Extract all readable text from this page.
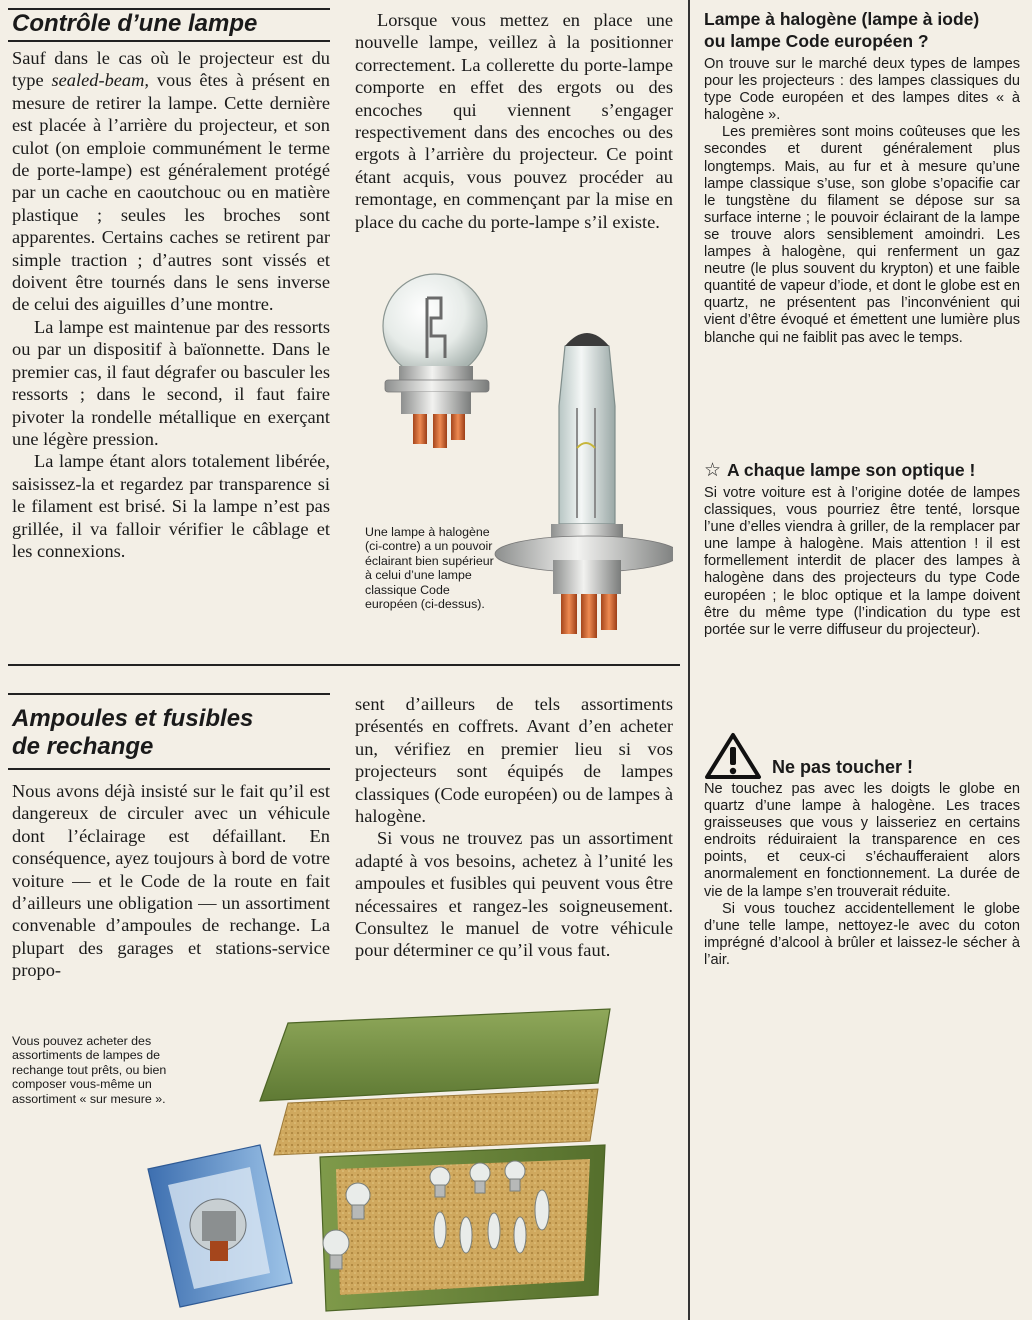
Contrôle d’une lampe

Sauf dans le cas où le projecteur est du type sealed-beam, vous êtes à présent en mesure de retirer la lampe. Cette dernière est placée à l’arrière du projecteur, et son culot (on emploie communément le terme de porte-lampe) est généralement protégé par un cache en caoutchouc ou en matière plastique ; seules les broches sont apparentes. Certains caches se retirent par simple traction ; d’autres sont vissés et doivent être tournés dans le sens inverse de celui des aiguilles d’une montre.

La lampe est maintenue par des ressorts ou par un dispositif à baïonnette. Dans le premier cas, il faut dégrafer ou basculer les ressorts ; dans le second, il faut faire pivoter la rondelle métallique en exerçant une légère pression.

La lampe étant alors totalement libérée, saisissez-la et regardez par transparence si le filament est brisé. Si la lampe n’est pas grillée, il va falloir vérifier le câblage et les connexions.

Lorsque vous mettez en place une nouvelle lampe, veillez à la positionner correctement. La collerette du porte-lampe comporte en effet des ergots ou des encoches qui viennent s’engager respectivement dans des encoches ou des ergots à l’arrière du projecteur. Ce point étant acquis, vous pouvez procéder au remontage, en commençant par la mise en place du cache du porte-lampe s’il existe.

Une lampe à halogène (ci-contre) a un pouvoir éclairant bien supérieur à celui d’une lampe classique Code européen (ci-dessus).
Ampoules et fusibles
de rechange

Nous avons déjà insisté sur le fait qu’il est dangereux de circuler avec un véhicule dont l’éclairage est défaillant. En conséquence, ayez toujours à bord de votre voiture — et le Code de la route en fait d’ailleurs une obligation — un assortiment convenable d’ampoules de rechange. La plupart des garages et stations-service propo-

sent d’ailleurs de tels assortiments présentés en coffrets. Avant d’en acheter un, vérifiez en premier lieu si vos projecteurs sont équipés de lampes classiques (Code européen) ou de lampes à halogène.

Si vous ne trouvez pas un assortiment adapté à vos besoins, achetez à l’unité les ampoules et fusibles qui peuvent vous être nécessaires et rangez-les soigneusement. Consultez le manuel de votre véhicule pour déterminer ce qu’il vous faut.

Vous pouvez acheter des assortiments de lampes de rechange tout prêts, ou bien composer vous-même un assortiment « sur mesure ».
Lampe à halogène (lampe à iode)
ou lampe Code européen ?

On trouve sur le marché deux types de lampes pour les projecteurs : des lampes classiques du type Code européen et des lampes dites « à halogène ».

Les premières sont moins coûteuses que les secondes et durent généralement plus longtemps. Mais, au fur et à mesure qu’une lampe classique s’use, son globe s’opacifie car le tungstène du filament se dépose sur sa surface interne ; le pouvoir éclairant de la lampe se trouve alors sensiblement amoindri. Les lampes à halogène, qui renferment un gaz neutre (le plus souvent du krypton) et une faible quantité de vapeur d’iode, et dont le globe est en quartz, ne présentent pas l’inconvénient qui vient d’être évoqué et émettent une lumière plus blanche qui ne faiblit pas avec le temps.

☆ A chaque lampe son optique !

Si votre voiture est à l’origine dotée de lampes classiques, vous pourriez être tenté, lorsque l’une d’elles viendra à griller, de la remplacer par une lampe à halogène. Mais attention ! il est formellement interdit de placer des lampes à halogène dans des projecteurs du type Code européen ; le bloc optique et la lampe doivent être du même type (l’indication du type est portée sur le verre diffuseur du projecteur).

Ne pas toucher !

Ne touchez pas avec les doigts le globe en quartz d’une lampe à halogène. Les traces graisseuses que vous y laisseriez en certains endroits réduiraient la transparence en ces points, et ceux-ci s’échaufferaient alors anormalement en fonctionnement. La durée de vie de la lampe s’en trouverait réduite.

Si vous touchez accidentellement le globe d’une telle lampe, nettoyez-le avec du coton imprégné d’alcool à brûler et laissez-le sécher à l’air.
